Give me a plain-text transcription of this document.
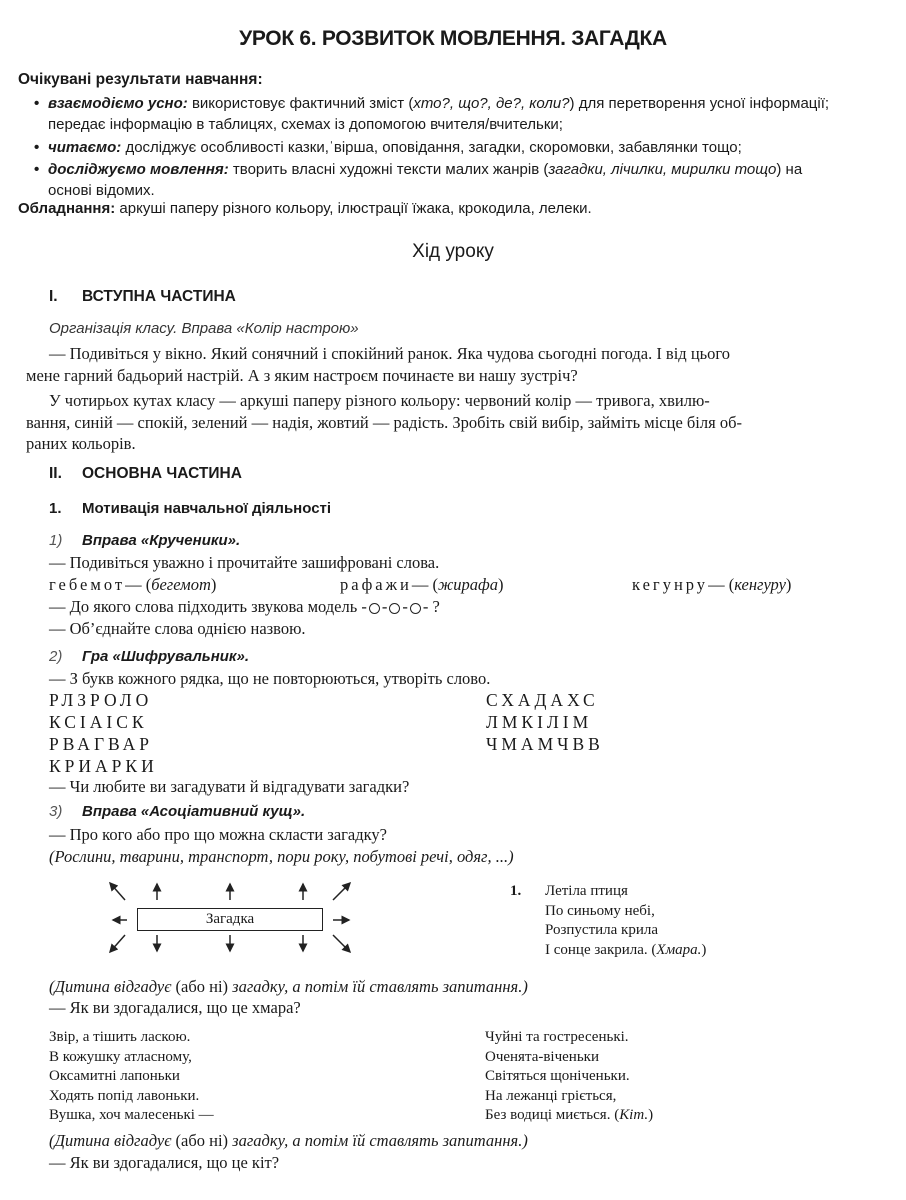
УРОК 6. РОЗВИТОК МОВЛЕННЯ. ЗАГАДКА
Очікувані результати навчання:
• взаємодіємо усно: використовує фактичний зміст (хто?, що?, де?, коли?) для перетворення усної інформації;
передає інформацію в таблицях, схемах із допомогою вчителя/вчительки;
• читаємо: досліджує особливості казки,ˈвірша, оповідання, загадки, скоромовки, забавлянки тощо;
• досліджуємо мовлення: творить власні художні тексти малих жанрів (загадки, лічилки, мирилки тощо) на
основі відомих.
Обладнання: аркуші паперу різного кольору, ілюстрації їжака, крокодила, лелеки.
Хід уроку
I. ВСТУПНА ЧАСТИНА
Організація класу. Вправа «Колір настрою»
— Подивіться у вікно. Який сонячний і спокійний ранок. Яка чудова сьогодні погода. І від цього
мене гарний бадьорий настрій. А з яким настроєм починаєте ви нашу зустріч?
У чотирьох кутах класу — аркуші паперу різного кольору: червоний колір — тривога, хвилю-
вання, синій — спокій, зелений — надія, жовтий — радість. Зробіть свій вибір, займіть місце біля об-
раних кольорів.
II. ОСНОВНА ЧАСТИНА
1. Мотивація навчальної діяльності
1) Вправа «Крученики».
— Подивіться уважно і прочитайте зашифровані слова.
гебемот— (бегемот)	рафажи— (жирафа)	кегунру— (кенгуру)
— До якого слова підходить звукова модель - - - - ?
— Об’єднайте слова однією назвою.
2) Гра «Шифрувальник».
— З букв кожного рядка, що не повторюються, утворіть слово.
РЛЗРОЛО
КСІАІСК
РВАГВАР
КРИАРКИ
СХАДАХС
ЛМКІЛІМ
ЧМАМЧВВ
— Чи любите ви загадувати й відгадувати загадки?
3) Вправа «Асоціативний кущ».
— Про кого або про що можна скласти загадку?
(Рослини, тварини, транспорт, пори року, побутові речі, одяг, ...)
Загадка
1. Летіла птиця
По синьому небі,
Розпустила крила
І сонце закрила. (Хмара.)
(Дитина відгадує (або ні) загадку, а потім їй ставлять запитання.)
— Як ви здогадалися, що це хмара?
Звір, а тішить ласкою.
В кожушку атласному,
Оксамитні лапоньки
Ходять попід лавоньки.
Вушка, хоч малесенькі —
Чуйні та гостресенькі.
Оченята-віченьки
Світяться щоніченьки.
На лежанці гріється,
Без водиці миється. (Кіт.)
(Дитина відгадує (або ні) загадку, а потім їй ставлять запитання.)
— Як ви здогадалися, що це кіт?
